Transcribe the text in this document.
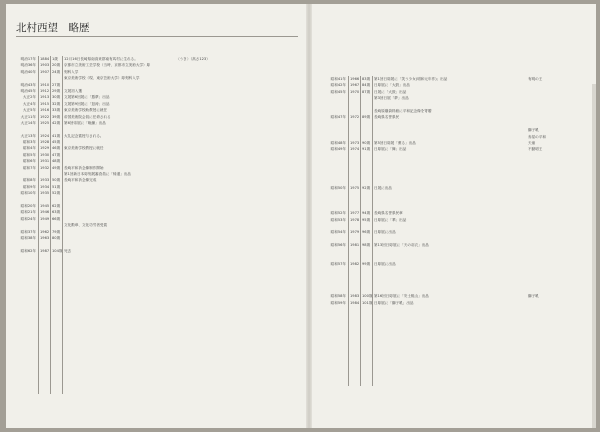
北村西望　略歴
明治17年
明治36年
明治40年
明治43年
明治45年
大正2年
大正4年
大正5年
大正11年
大正14年
大正13年
昭和3年
昭和4年
昭和5年
昭和6年
昭和7年
昭和8年
昭和9年
昭和10年
昭和20年
昭和21年
昭和24年
昭和37年
昭和38年
昭和62年
1884
1903
1907
1910
1912
1913
1915
1916
1922
1925
1924
1928
1929
1930
1931
1932
1933
1934
1935
1945
1946
1949
1962
1963
1987
1歳
20歳
24歳
27歳
29歳
30歳
32歳
33歳
39歳
42歳
41歳
45歳
46歳
47歳
48歳
49歳
50歳
51歳
52歳
62歳
63歳
66歳
79歳
80歳
104歳
12月16日長崎県南高来郡南有馬村に生れる。
京都市立美術工芸学校（当時、京都市立美術大学）彫
刻科入学
東京美術学校（現、東京芸術大学）彫刻科入学
文展初入選
文展第6回展に「悪夢」出品
文展第9回展に「怒涛」出品
東京美術学校助教授に就任
帝国美術院会員に任命される
第6回帝展に「晩鐘」出品
大礼記念賞授与される。
東京美術学校教授に就任
長崎平和祈念像制作開始
第1回新日本彫刻展審査員に「帰還」出品
長崎平和祈念像完成
文化勲章、文化功労者受賞
死去
〈うき〉（高さ123）
昭和41年
昭和42年
昭和45年
昭和47年
昭和48年
昭和49年
昭和50年
昭和52年
昭和53年
昭和54年
昭和56年
昭和57年
昭和58年
昭和59年
1966
1967
1970
1972
1973
1974
1975
1977
1978
1979
1981
1982
1983
1984
83歳
84歳
87歳
89歳
90歳
91歳
92歳
94歳
95歳
96歳
98歳
99歳
100歳
101歳
第1回日彫展に「笑う少女(明和元年作)」出品
日彫展に「大鼓」出品
日展に「大鼓」出品
第3回日展「夢」出品
長崎原爆資料館に平和記念像を寄贈
長崎県名誉県民
第5回日彫展「薫る」出品
日彫展に「舞」出品
日展に出品
長崎県名誉県民章
日彫展に「華」出品
日彫展に出品
第13回日彫展に「天の羽衣」出品
日彫展に出品
第16回日彫展に「安土桃山」出品
日彫展に「獅子吼」出品
有明の王
獅子吼
寿星の平和
天童
不動明王
獅子吼
